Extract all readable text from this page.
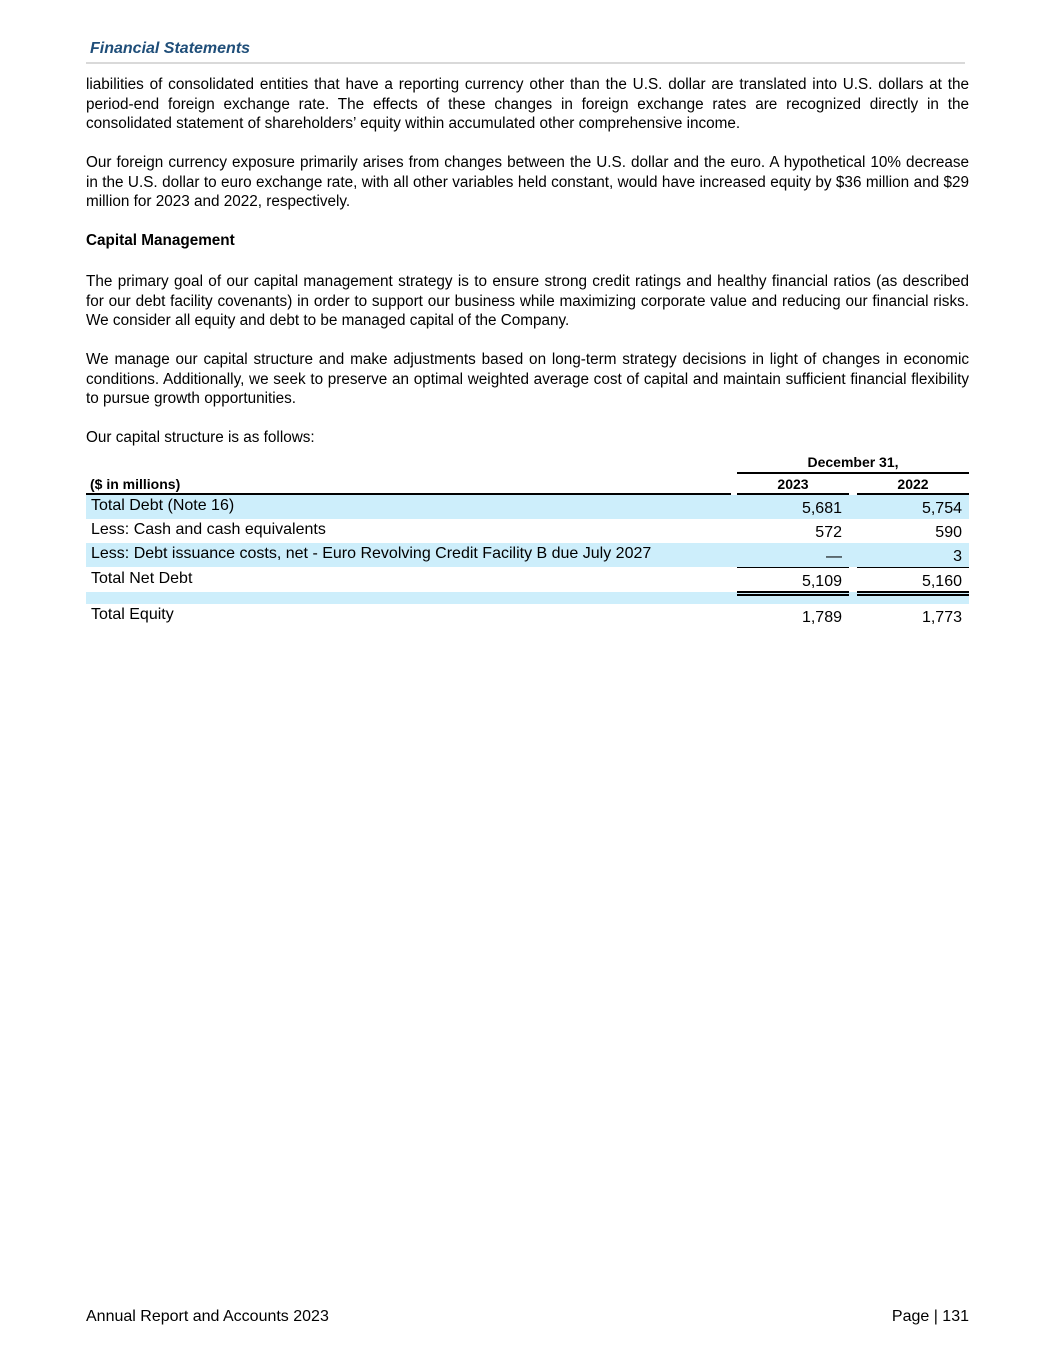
Financial Statements

liabilities of consolidated entities that have a reporting currency other than the U.S. dollar are translated into U.S. dollars at the period-end foreign exchange rate. The effects of these changes in foreign exchange rates are recognized directly in the consolidated statement of shareholders’ equity within accumulated other comprehensive income.

Our foreign currency exposure primarily arises from changes between the U.S. dollar and the euro. A hypothetical 10% decrease in the U.S. dollar to euro exchange rate, with all other variables held constant, would have increased equity by $36 million and $29 million for 2023 and 2022, respectively.

Capital Management

The primary goal of our capital management strategy is to ensure strong credit ratings and healthy financial ratios (as described for our debt facility covenants) in order to support our business while maximizing corporate value and reducing our financial risks. We consider all equity and debt to be managed capital of the Company.

We manage our capital structure and make adjustments based on long-term strategy decisions in light of changes in economic conditions. Additionally, we seek to preserve an optimal weighted average cost of capital and maintain sufficient financial flexibility to pursue growth opportunities.

Our capital structure is as follows:

December 31,
($ in millions)	2023	2022
Total Debt (Note 16)	5,681	5,754
Less: Cash and cash equivalents	572	590
Less: Debt issuance costs, net - Euro Revolving Credit Facility B due July 2027	—	3
Total Net Debt	5,109	5,160
Total Equity	1,789	1,773
Annual Report and Accounts 2023	Page | 131
